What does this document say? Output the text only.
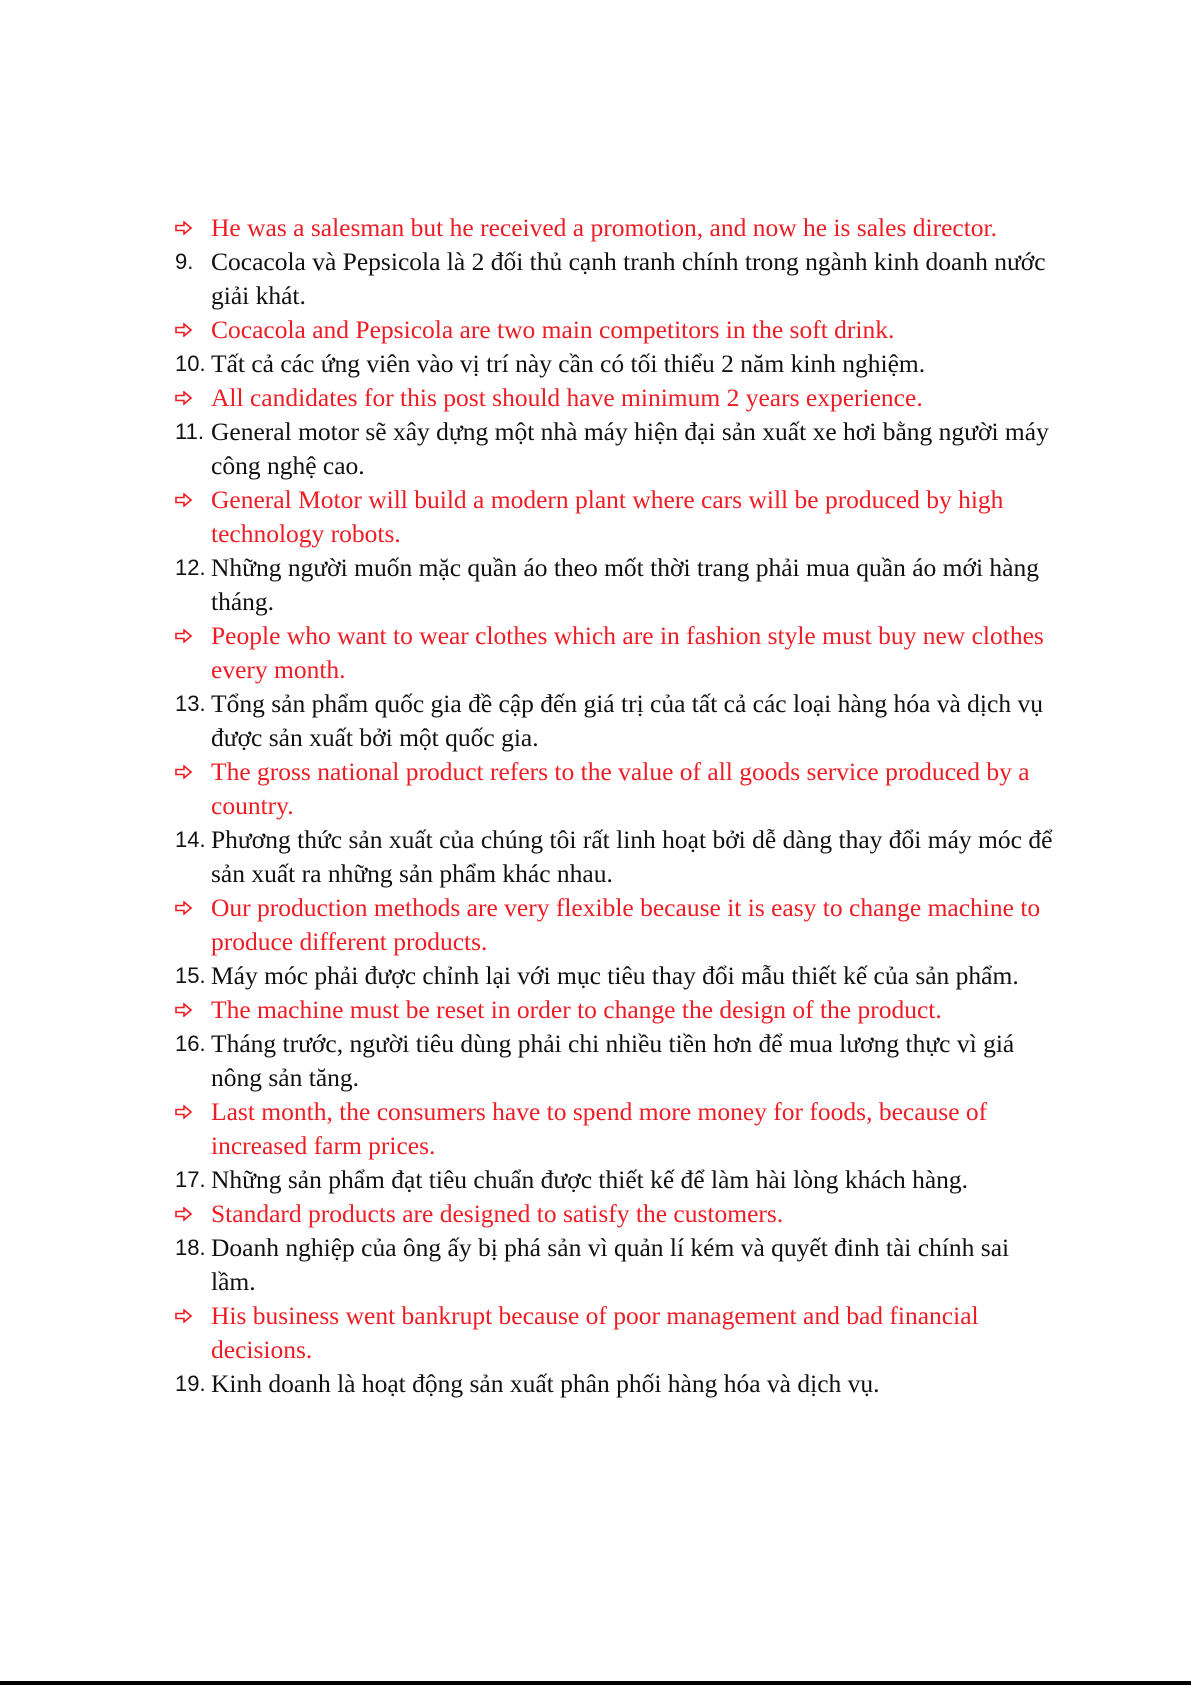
He was a salesman but he received a promotion, and now he is sales director.

9. Cocacola và Pepsicola là 2 đối thủ cạnh tranh chính trong ngành kinh doanh nước giải khát.

Cocacola and Pepsicola are two main competitors in the soft drink.

10. Tất cả các ứng viên vào vị trí này cần có tối thiểu 2 năm kinh nghiệm.

All candidates for this post should have minimum 2 years experience.

11. General motor sẽ xây dựng một nhà máy hiện đại sản xuất xe hơi bằng người máy công nghệ cao.

General Motor will build a modern plant where cars will be produced by high technology robots.

12. Những người muốn mặc quần áo theo mốt thời trang phải mua quần áo mới hàng tháng.

People who want to wear clothes which are in fashion style must buy new clothes every month.

13. Tổng sản phẩm quốc gia đề cập đến giá trị của tất cả các loại hàng hóa và dịch vụ được sản xuất bởi một quốc gia.

The gross national product refers to the value of all goods service produced by a country.

14. Phương thức sản xuất của chúng tôi rất linh hoạt bởi dễ dàng thay đổi máy móc để sản xuất ra những sản phẩm khác nhau.

Our production methods are very flexible because it is easy to change machine to produce different products.

15. Máy móc phải được chỉnh lại với mục tiêu thay đổi mẫu thiết kế của sản phẩm.

The machine must be reset in order to change the design of the product.

16. Tháng trước, người tiêu dùng phải chi nhiều tiền hơn để mua lương thực vì giá nông sản tăng.

Last month, the consumers have to spend more money for foods, because of increased farm prices.

17. Những sản phẩm đạt tiêu chuẩn được thiết kế để làm hài lòng khách hàng.

Standard products are designed to satisfy the customers.

18. Doanh nghiệp của ông ấy bị phá sản vì quản lí kém và quyết đinh tài chính sai lầm.

His business went bankrupt because of poor management and bad financial decisions.

19. Kinh doanh là hoạt động sản xuất phân phối hàng hóa và dịch vụ.
